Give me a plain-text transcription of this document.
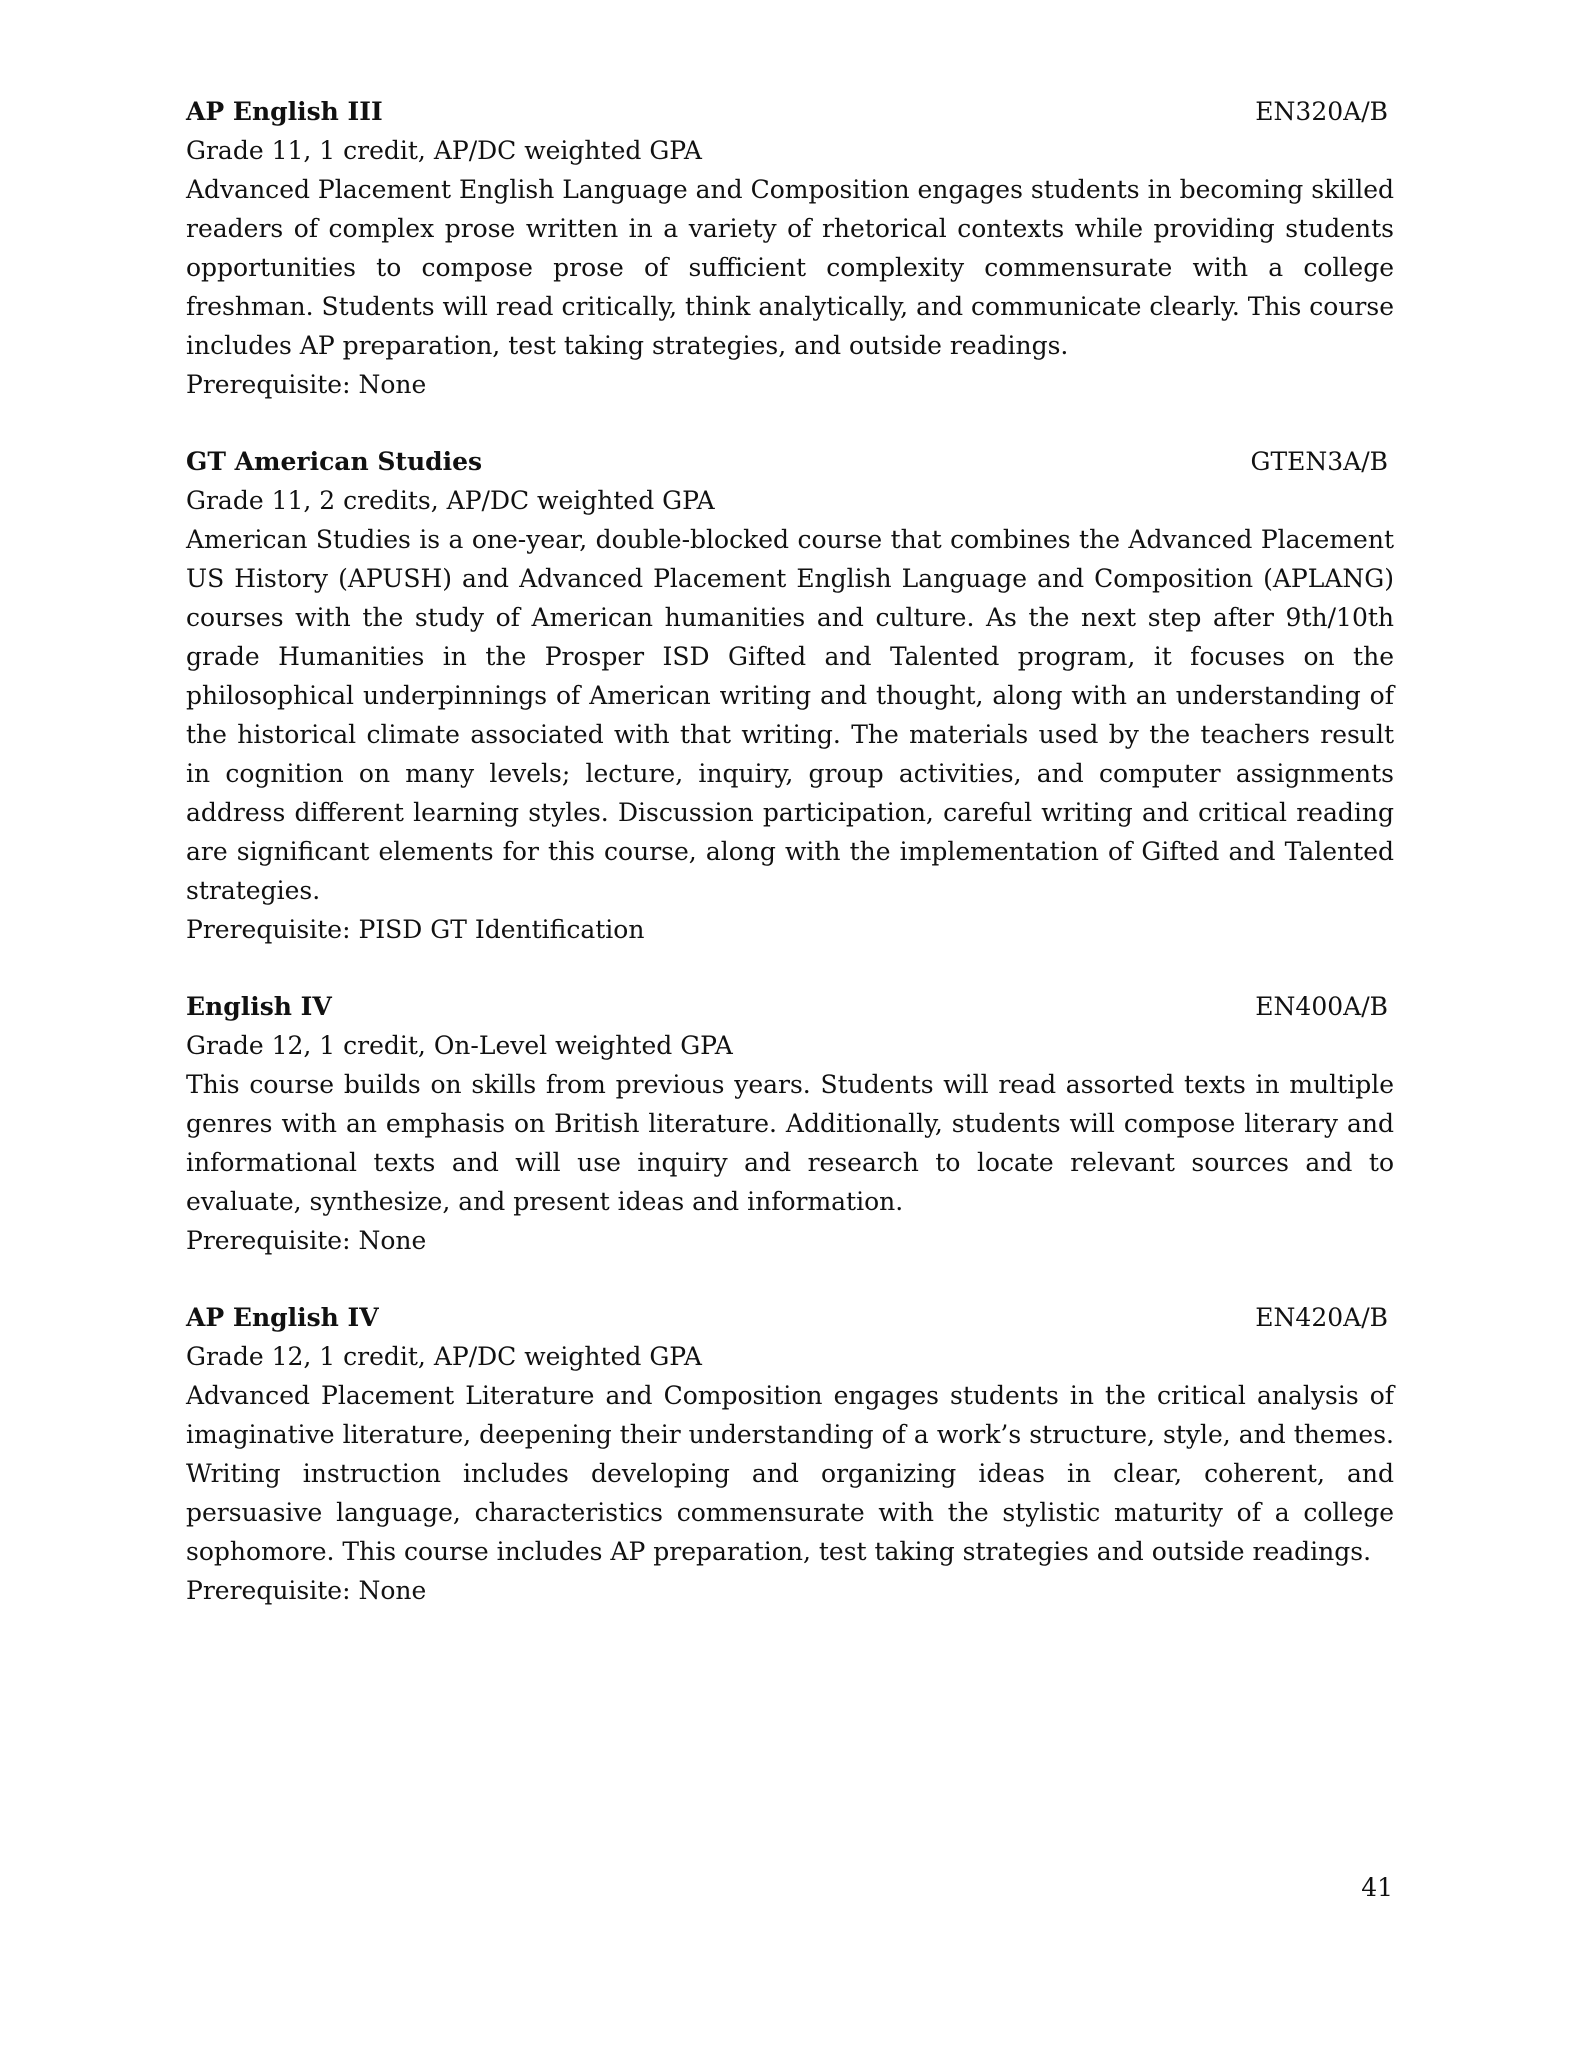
AP English III	EN320A/B
Grade 11, 1 credit, AP/DC weighted GPA

Advanced Placement English Language and Composition engages students in becoming skilled readers of complex prose written in a variety of rhetorical contexts while providing students opportunities to compose prose of sufficient complexity commensurate with a college freshman. Students will read critically, think analytically, and communicate clearly. This course includes AP preparation, test taking strategies, and outside readings.

Prerequisite: None
GT American Studies	GTEN3A/B
Grade 11, 2 credits, AP/DC weighted GPA

American Studies is a one-year, double-blocked course that combines the Advanced Placement US History (APUSH) and Advanced Placement English Language and Composition (APLANG) courses with the study of American humanities and culture. As the next step after 9th/10th grade Humanities in the Prosper ISD Gifted and Talented program, it focuses on the philosophical underpinnings of American writing and thought, along with an understanding of the historical climate associated with that writing. The materials used by the teachers result in cognition on many levels; lecture, inquiry, group activities, and computer assignments address different learning styles. Discussion participation, careful writing and critical reading are significant elements for this course, along with the implementation of Gifted and Talented strategies.

Prerequisite: PISD GT Identification
English IV	EN400A/B
Grade 12, 1 credit, On-Level weighted GPA

This course builds on skills from previous years. Students will read assorted texts in multiple genres with an emphasis on British literature. Additionally, students will compose literary and informational texts and will use inquiry and research to locate relevant sources and to evaluate, synthesize, and present ideas and information.

Prerequisite: None
AP English IV	EN420A/B
Grade 12, 1 credit, AP/DC weighted GPA

Advanced Placement Literature and Composition engages students in the critical analysis of imaginative literature, deepening their understanding of a work’s structure, style, and themes. Writing instruction includes developing and organizing ideas in clear, coherent, and persuasive language, characteristics commensurate with the stylistic maturity of a college sophomore. This course includes AP preparation, test taking strategies and outside readings.

Prerequisite: None
41
